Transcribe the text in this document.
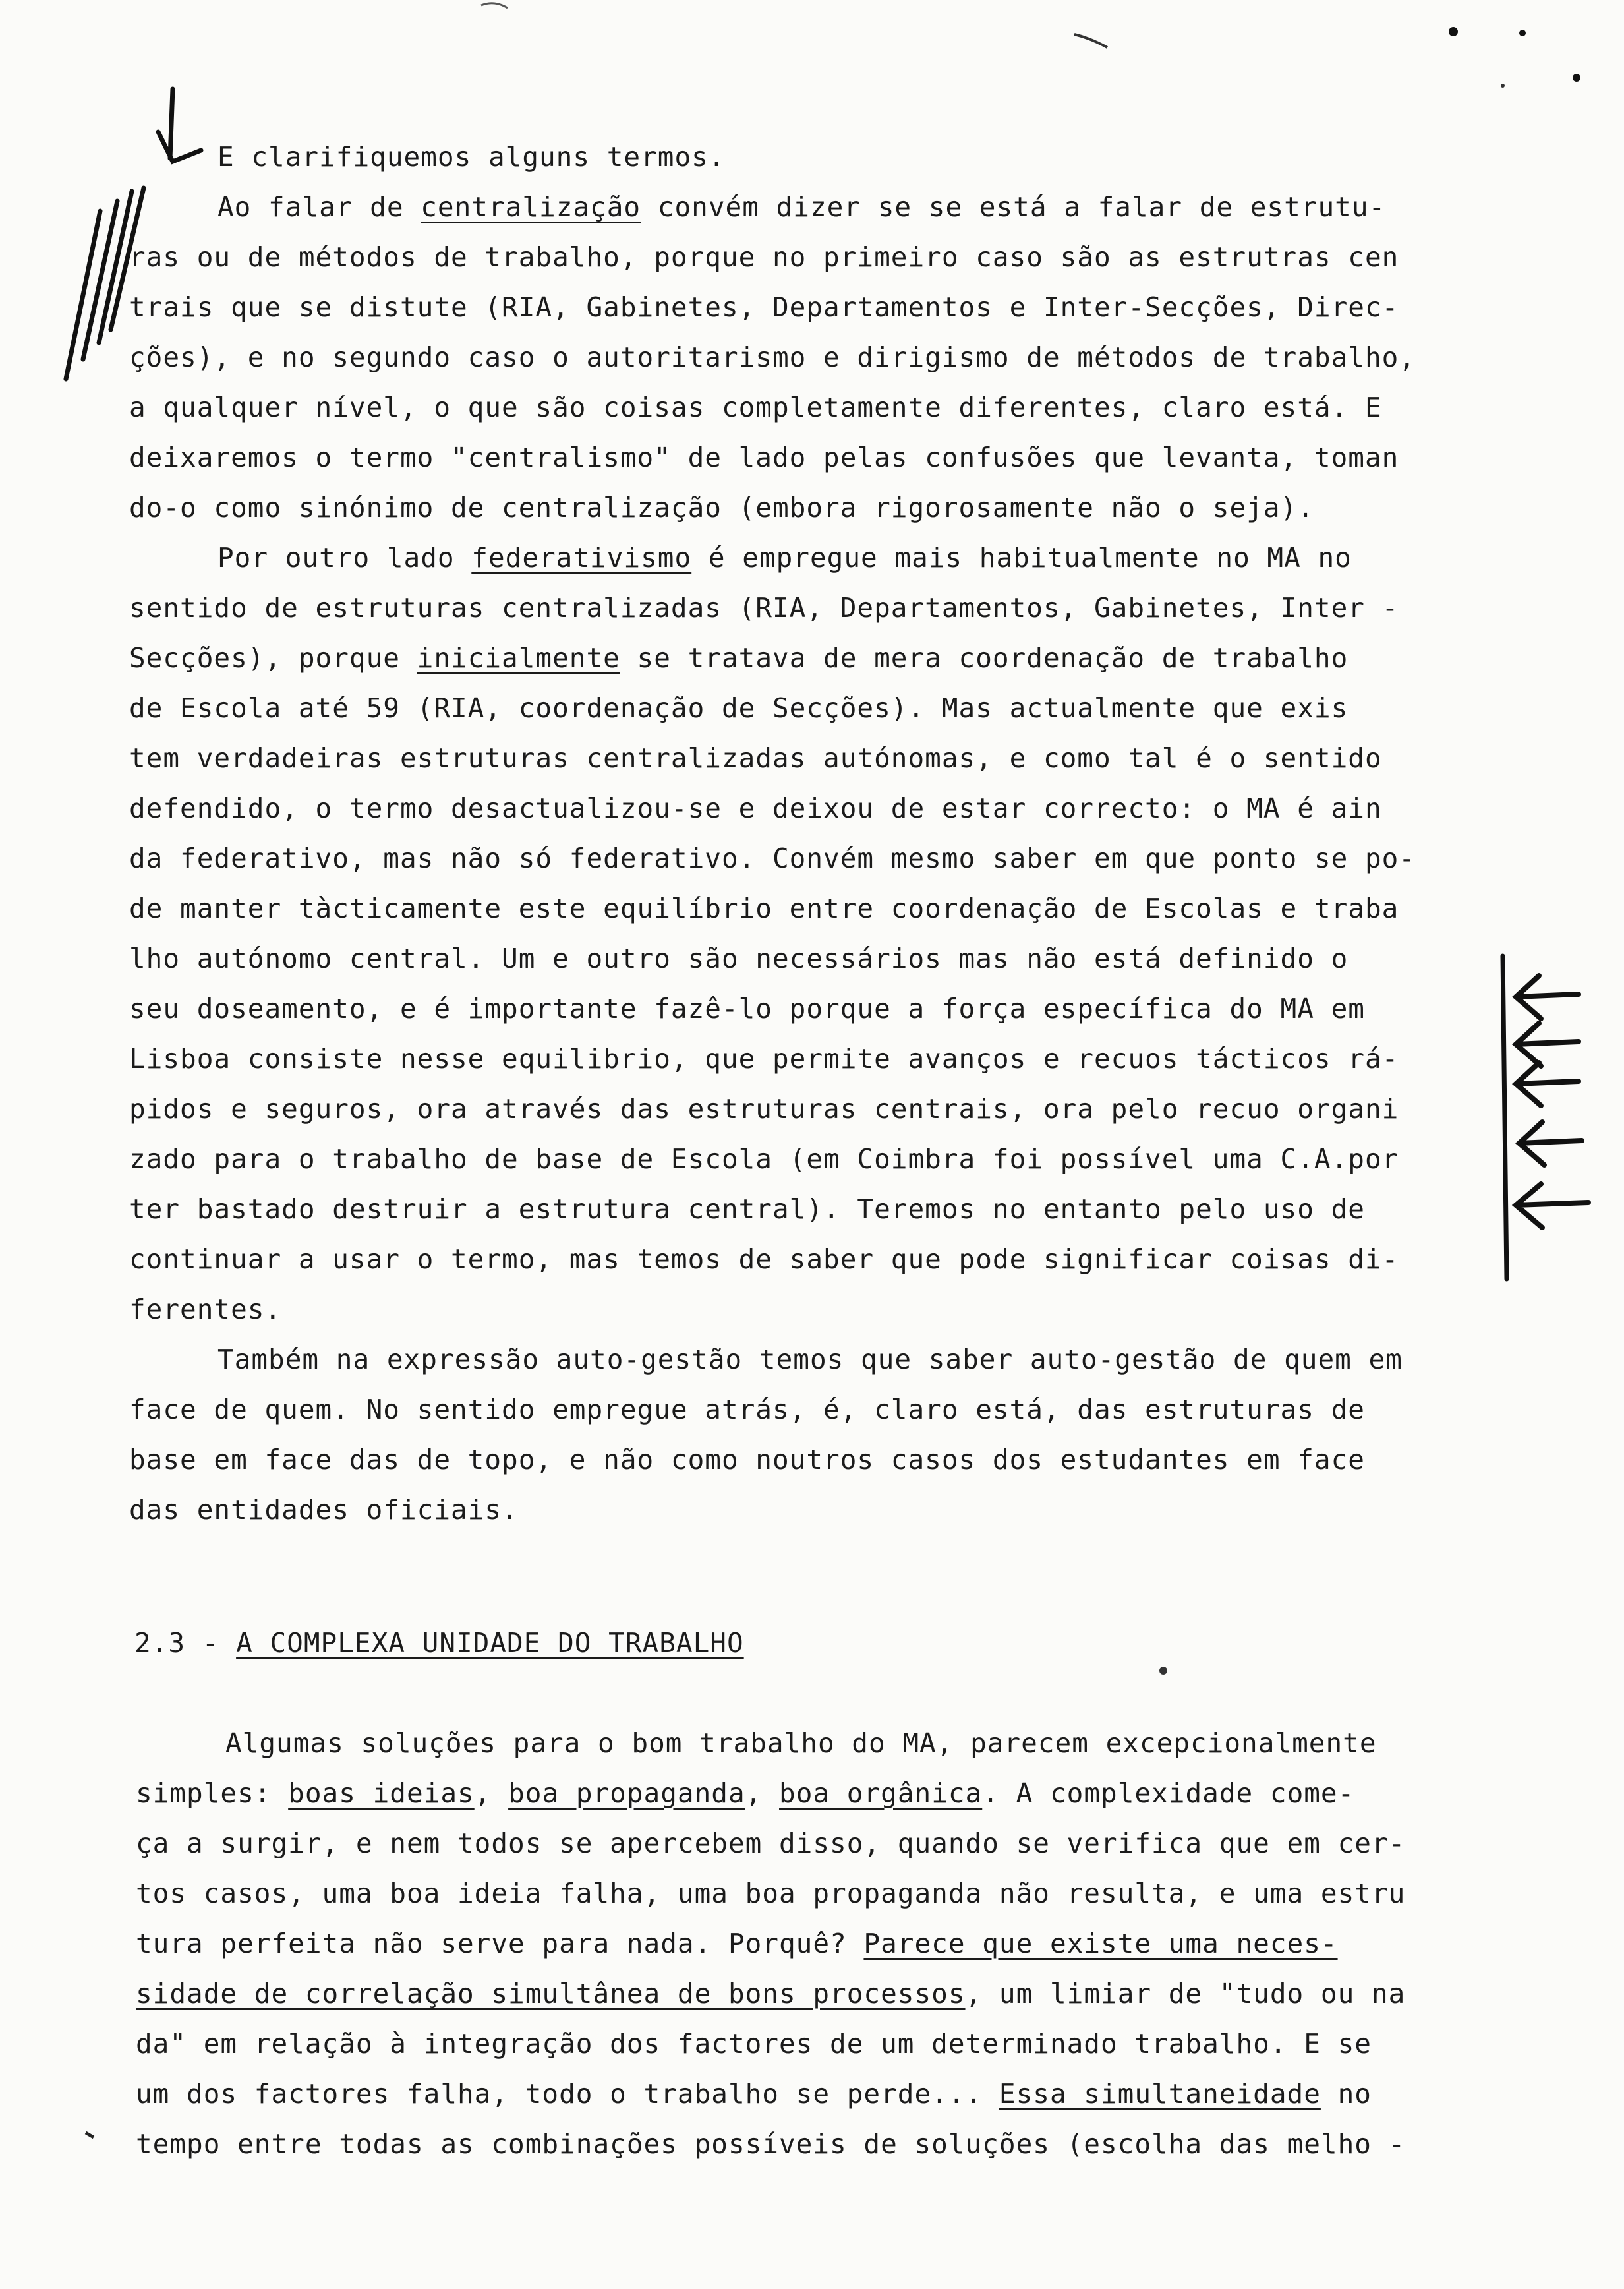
E clarifiquemos alguns termos.
Ao falar de centralização convém dizer se se está a falar de estrutu-
ras ou de métodos de trabalho, porque no primeiro caso são as estrutras cen
trais que se distute (RIA, Gabinetes, Departamentos e Inter-Secções, Direc-
ções), e no segundo caso o autoritarismo e dirigismo de métodos de trabalho,
a qualquer nível, o que são coisas completamente diferentes, claro está. E
deixaremos o termo "centralismo" de lado pelas confusões que levanta, toman
do-o como sinónimo de centralização (embora rigorosamente não o seja).
Por outro lado federativismo é empregue mais habitualmente no MA no
sentido de estruturas centralizadas (RIA, Departamentos, Gabinetes, Inter -
Secções), porque inicialmente se tratava de mera coordenação de trabalho
de Escola até 59 (RIA, coordenação de Secções). Mas actualmente que exis
tem verdadeiras estruturas centralizadas autónomas, e como tal é o sentido
defendido, o termo desactualizou-se e deixou de estar correcto: o MA é ain
da federativo, mas não só federativo. Convém mesmo saber em que ponto se po-
de manter tàcticamente este equilíbrio entre coordenação de Escolas e traba
lho autónomo central. Um e outro são necessários mas não está definido o
seu doseamento, e é importante fazê-lo porque a força específica do MA em
Lisboa consiste nesse equilibrio, que permite avanços e recuos tácticos rá-
pidos e seguros, ora através das estruturas centrais, ora pelo recuo organi
zado para o trabalho de base de Escola (em Coimbra foi possível uma C.A.por
ter bastado destruir a estrutura central). Teremos no entanto pelo uso de
continuar a usar o termo, mas temos de saber que pode significar coisas di-
ferentes.
Também na expressão auto-gestão temos que saber auto-gestão de quem em
face de quem. No sentido empregue atrás, é, claro está, das estruturas de
base em face das de topo, e não como noutros casos dos estudantes em face
das entidades oficiais.
2.3 - A COMPLEXA UNIDADE DO TRABALHO
Algumas soluções para o bom trabalho do MA, parecem excepcionalmente
simples: boas ideias, boa propaganda, boa orgânica. A complexidade come-
ça a surgir, e nem todos se apercebem disso, quando se verifica que em cer-
tos casos, uma boa ideia falha, uma boa propaganda não resulta, e uma estru
tura perfeita não serve para nada. Porquê? Parece que existe uma neces-
sidade de correlação simultânea de bons processos, um limiar de "tudo ou na
da" em relação à integração dos factores de um determinado trabalho. E se
um dos factores falha, todo o trabalho se perde... Essa simultaneidade no
tempo entre todas as combinações possíveis de soluções (escolha das melho -
